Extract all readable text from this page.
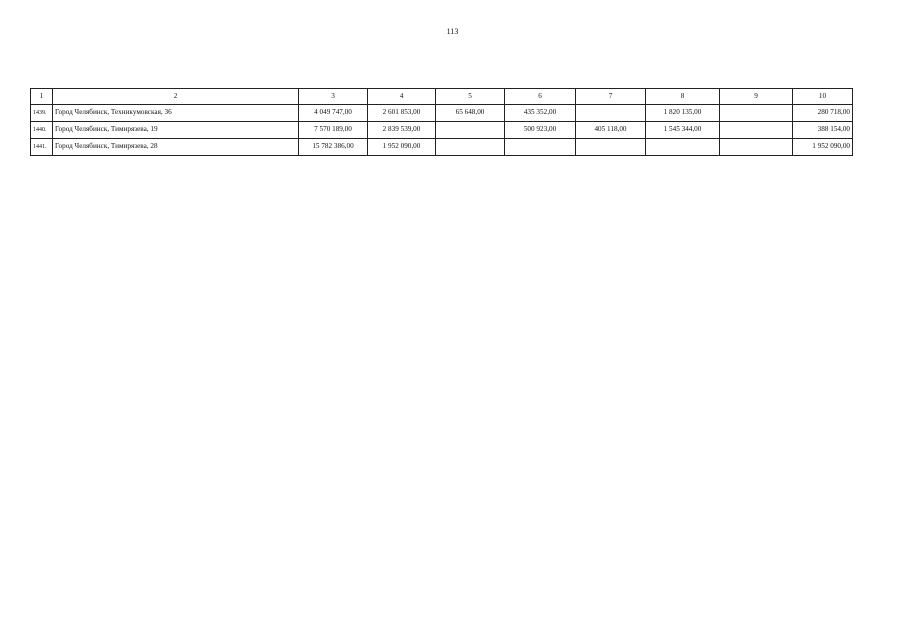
113
1	2	3	4	5	6	7	8	9	10
1439.	Город Челябинск, Техникумовская, 36	4 049 747,00	2 601 853,00	65 648,00	435 352,00		1 820 135,00		280 718,00
1440.	Город Челябинск, Тимирязева, 19	7 570 189,00	2 839 539,00		500 923,00	405 118,00	1 545 344,00		388 154,00
1441.	Город Челябинск, Тимирязева, 28	15 782 386,00	1 952 090,00						1 952 090,00
